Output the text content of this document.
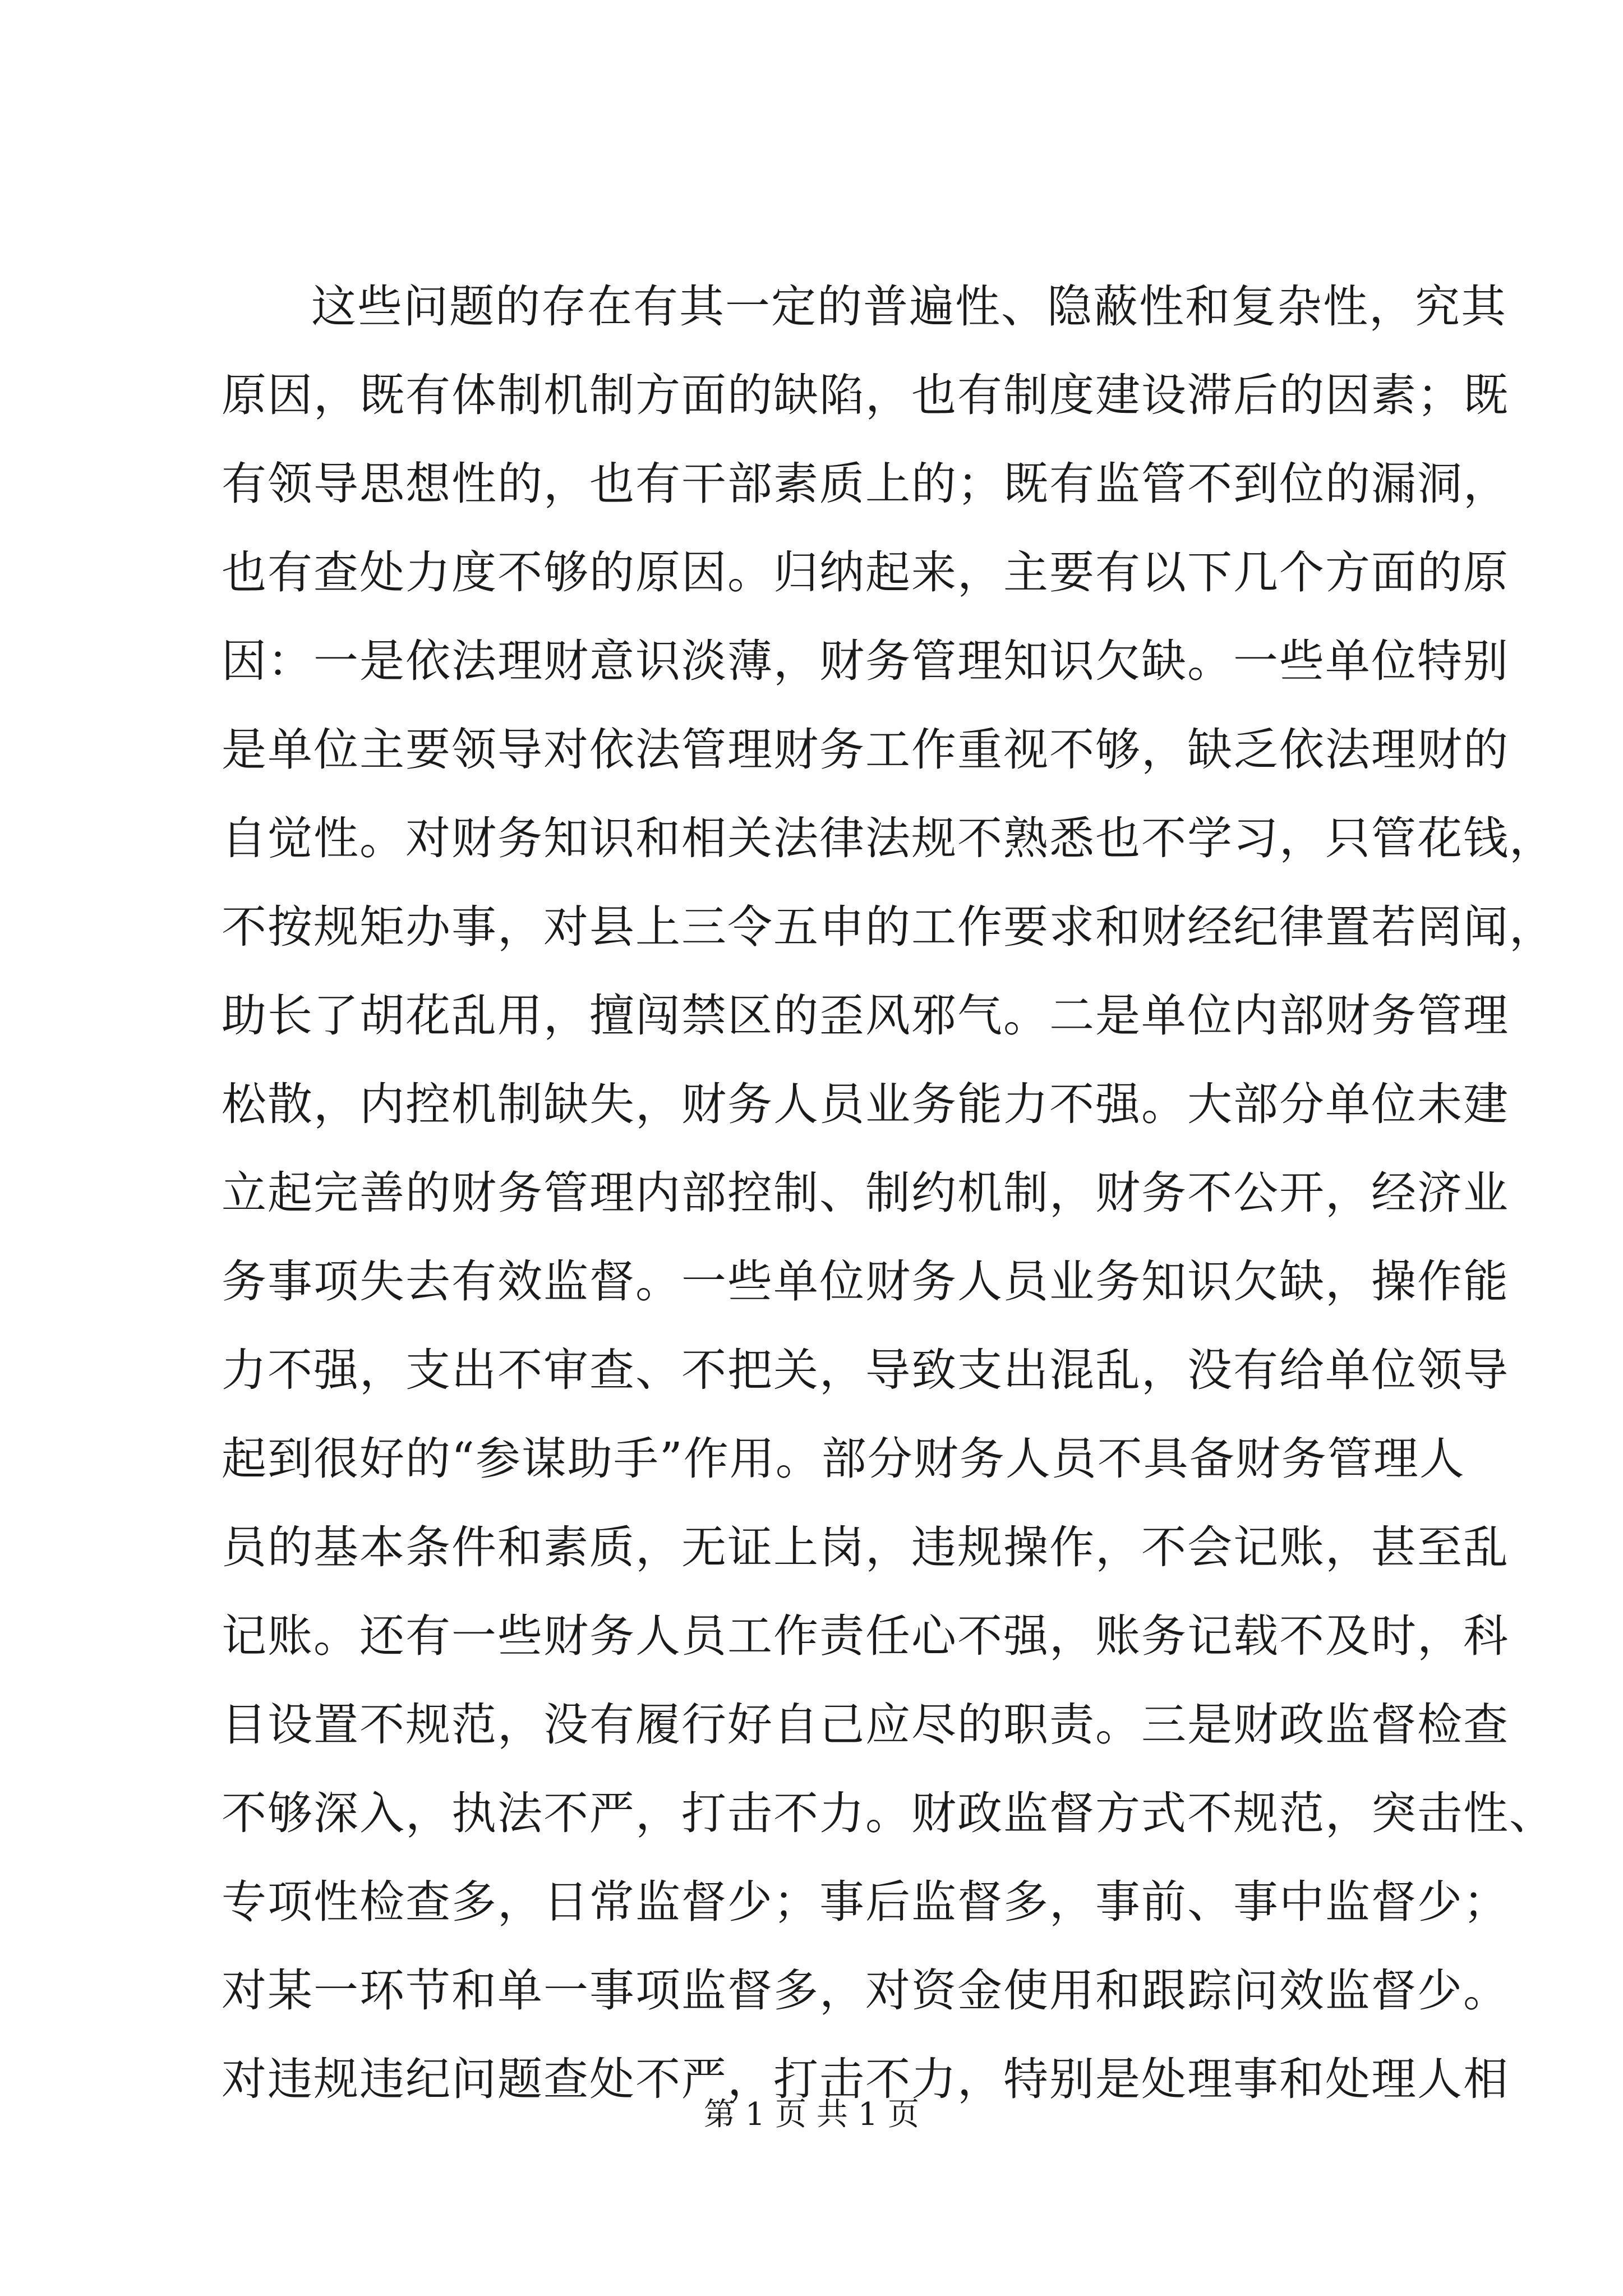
这些问题的存在有其一定的普遍性、隐蔽性和复杂性，究其
原因，既有体制机制方面的缺陷，也有制度建设滞后的因素；既
有领导思想性的，也有干部素质上的；既有监管不到位的漏洞，
也有查处力度不够的原因。归纳起来，主要有以下几个方面的原
因：一是依法理财意识淡薄，财务管理知识欠缺。一些单位特别
是单位主要领导对依法管理财务工作重视不够，缺乏依法理财的
自觉性。对财务知识和相关法律法规不熟悉也不学习，只管花钱，
不按规矩办事，对县上三令五申的工作要求和财经纪律置若罔闻，
助长了胡花乱用，擅闯禁区的歪风邪气。二是单位内部财务管理
松散，内控机制缺失，财务人员业务能力不强。大部分单位未建
立起完善的财务管理内部控制、制约机制，财务不公开，经济业
务事项失去有效监督。一些单位财务人员业务知识欠缺，操作能
力不强，支出不审查、不把关，导致支出混乱，没有给单位领导
起到很好的“参谋助手”作用。部分财务人员不具备财务管理人
员的基本条件和素质，无证上岗，违规操作，不会记账，甚至乱
记账。还有一些财务人员工作责任心不强，账务记载不及时，科
目设置不规范，没有履行好自己应尽的职责。三是财政监督检查
不够深入，执法不严，打击不力。财政监督方式不规范，突击性、
专项性检查多，日常监督少；事后监督多，事前、事中监督少；
对某一环节和单一事项监督多，对资金使用和跟踪问效监督少。
对违规违纪问题查处不严，打击不力，特别是处理事和处理人相
第 1 页 共 1 页
